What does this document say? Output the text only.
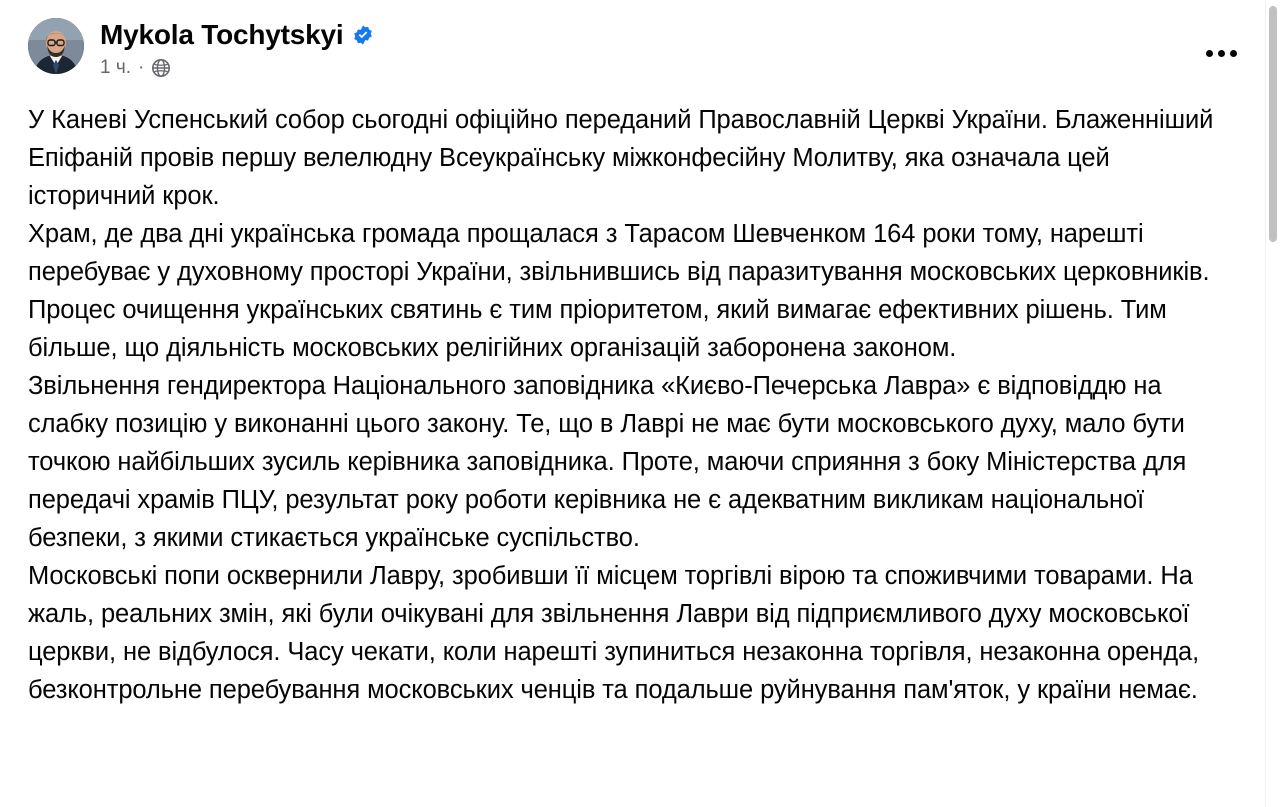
Mykola Tochytskyi
1 ч. ·

У Каневі Успенський собор сьогодні офіційно переданий Православній Церкві України. Блаженніший Епіфаній провів першу велелюдну Всеукраїнську міжконфесійну Молитву, яка означала цей історичний крок.

Храм, де два дні українська громада прощалася з Тарасом Шевченком 164 роки тому, нарешті перебуває у духовному просторі України, звільнившись від паразитування московських церковників.

Процес очищення українських святинь є тим пріоритетом, який вимагає ефективних рішень. Тим більше, що діяльність московських релігійних організацій заборонена законом.

Звільнення гендиректора Національного заповідника «Києво-Печерська Лавра» є відповіддю на слабку позицію у виконанні цього закону. Те, що в Лаврі не має бути московського духу, мало бути точкою найбільших зусиль керівника заповідника. Проте, маючи сприяння з боку Міністерства для передачі храмів ПЦУ, результат року роботи керівника не є адекватним викликам національної безпеки, з якими стикається українське суспільство.

Московські попи осквернили Лавру, зробивши її місцем торгівлі вірою та споживчими товарами. На жаль, реальних змін, які були очікувані для звільнення Лаври від підприємливого духу московської церкви, не відбулося. Часу чекати, коли нарешті зупиниться незаконна торгівля, незаконна оренда, безконтрольне перебування московських ченців та подальше руйнування пам'яток, у країни немає.
